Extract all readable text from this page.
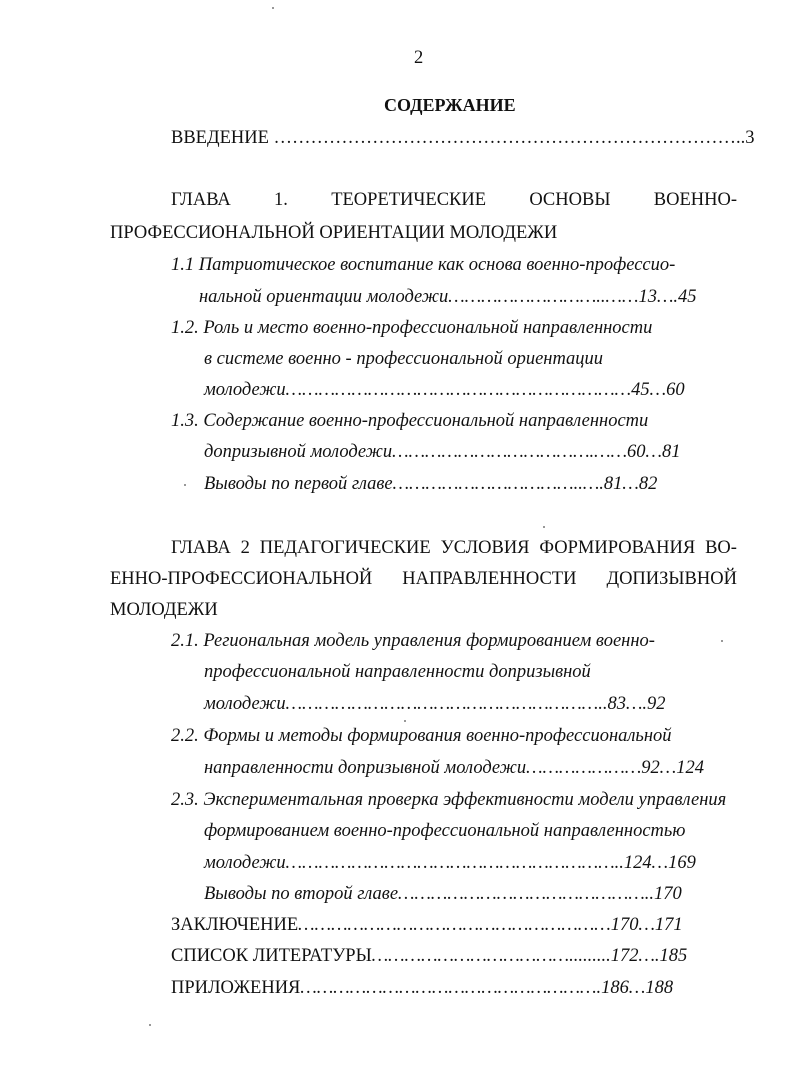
2
СОДЕРЖАНИЕ
ВВЕДЕНИЕ …………………………………………………………………..3
ГЛАВА 1. ТЕОРЕТИЧЕСКИЕ ОСНОВЫ ВОЕННО-
ПРОФЕССИОНАЛЬНОЙ ОРИЕНТАЦИИ МОЛОДЕЖИ
1.1 Патриотическое воспитание как основа военно-профессио-
нальной ориентации молодежи………………………..……13….45
1.2. Роль и место военно-профессиональной направленности
в системе военно - профессиональной ориентации
молодежи………………………………………………………45…60
1.3. Содержание военно-профессиональной направленности
допризывной молодежи……………………………….……60…81
Выводы по первой главе……………………………..….81…82
ГЛАВА 2 ПЕДАГОГИЧЕСКИЕ УСЛОВИЯ ФОРМИРОВАНИЯ ВО-
ЕННО-ПРОФЕССИОНАЛЬНОЙ НАПРАВЛЕННОСТИ ДОПИЗЫВНОЙ
МОЛОДЕЖИ
2.1. Региональная модель управления формированием военно-
профессиональной направленности допризывной
молодежи…………………………………………………..83….92
2.2. Формы и методы формирования военно-профессиональной
направленности допризывной молодежи…………………92…124
2.3. Экспериментальная проверка эффективности модели управления
формированием военно-профессиональной направленностью
молодежи……………………………………………………..124…169
Выводы по второй главе………………………………………..170
ЗАКЛЮЧЕНИЕ…………………………………………………170…171
СПИСОК ЛИТЕРАТУРЫ……………………………….........172….185
ПРИЛОЖЕНИЯ……………………………………………….186…188
